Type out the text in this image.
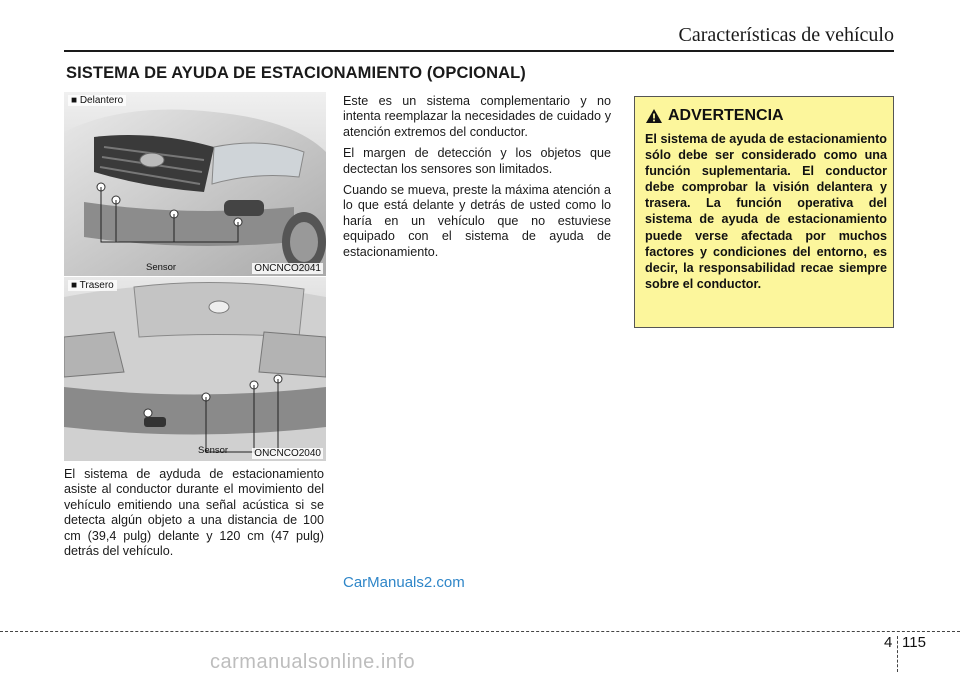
Características de vehículo
SISTEMA DE AYUDA DE ESTACIONAMIENTO (OPCIONAL)
■ Delantero
Sensor	ONCNCO2041
■ Trasero
Sensor	ONCNCO2040
El sistema de ayduda de estacionamiento asiste al conductor durante el movimiento del vehículo emitiendo una señal acústica si se detecta algún objeto a una distancia de 100 cm (39,4 pulg) delante y 120 cm (47 pulg) detrás del vehículo.

Este es un sistema complementario y no intenta reemplazar la necesidades de cuidado y atención extremos del conductor.

El margen de detección y los objetos que dectectan los sensores son limitados.

Cuando se mueva, preste la máxima atención a lo que está delante y detrás de usted como lo haría en un vehículo que no estuviese equipado con el sistema de ayuda de estacionamiento.

ADVERTENCIA
El sistema de ayuda de estacionamiento sólo debe ser considerado como una función suplementaria. El conductor debe comprobar la visión delantera y trasera. La función operativa del sistema de ayuda de estacionamiento puede verse afectada por muchos factores y condiciones del entorno, es decir, la responsabilidad recae siempre sobre el conductor.
CarManuals2.com
4 115
carmanualsonline.info
